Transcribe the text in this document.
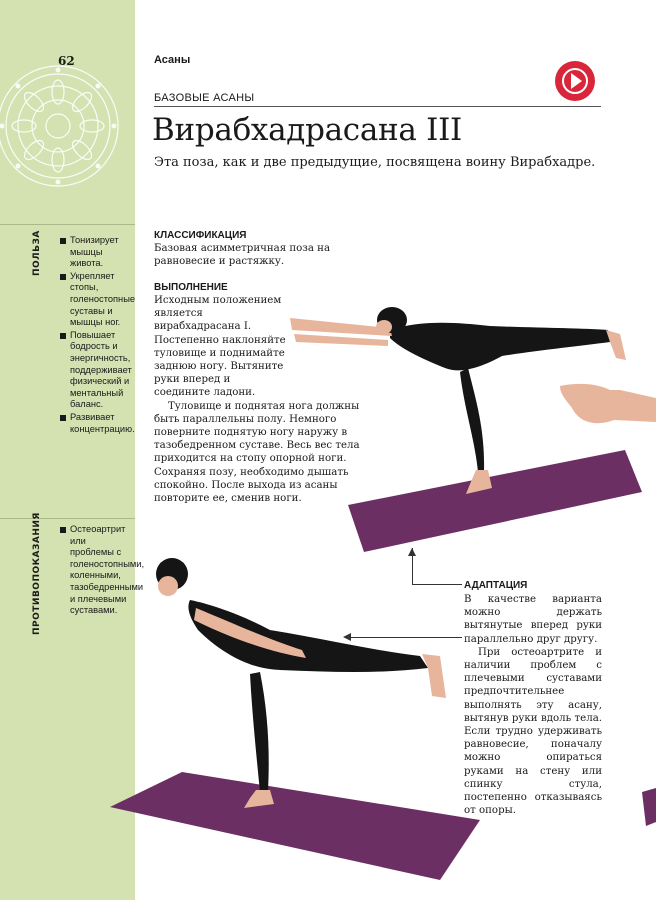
62
ПОЛЬЗА	Тонизирует мышцы живота.
Укрепляет стопы, голеностопные суставы и мышцы ног.
Повышает бодрость и энергичность, поддерживает физический и ментальный баланс.
Развивает концентрацию.
ПРОТИВОПОКАЗАНИЯ	Остеоартрит или проблемы с голеностопными, коленными, тазобедренными и плечевыми суставами.
Асаны
БАЗОВЫЕ АСАНЫ
Вирабхадрасана III

Эта поза, как и две предыдущие, посвящена воину Вирабхадре.

КЛАССИФИКАЦИЯ

Базовая асимметричная поза на равновесие и растяжку.

ВЫПОЛНЕНИЕ

Исходным положением является вирабхадрасана I. Постепенно наклоняйте туловище и поднимайте заднюю ногу. Вытяните руки вперед и соедините ладони.

Туловище и поднятая нога должны быть параллельны полу. Немного поверните поднятую ногу наружу в тазобедренном суставе. Весь вес тела приходится на стопу опорной ноги. Сохраняя позу, необходимо дышать спокойно. После выхода из асаны повторите ее, сменив ноги.

АДАПТАЦИЯ

В качестве варианта можно держать вытянутые вперед руки параллельно друг другу.

При остеоартрите и наличии проблем с плечевыми суставами предпочтительнее выполнять эту асану, вытянув руки вдоль тела. Если трудно удерживать равновесие, поначалу можно опираться руками на стену или спинку стула, постепенно отказываясь от опоры.
